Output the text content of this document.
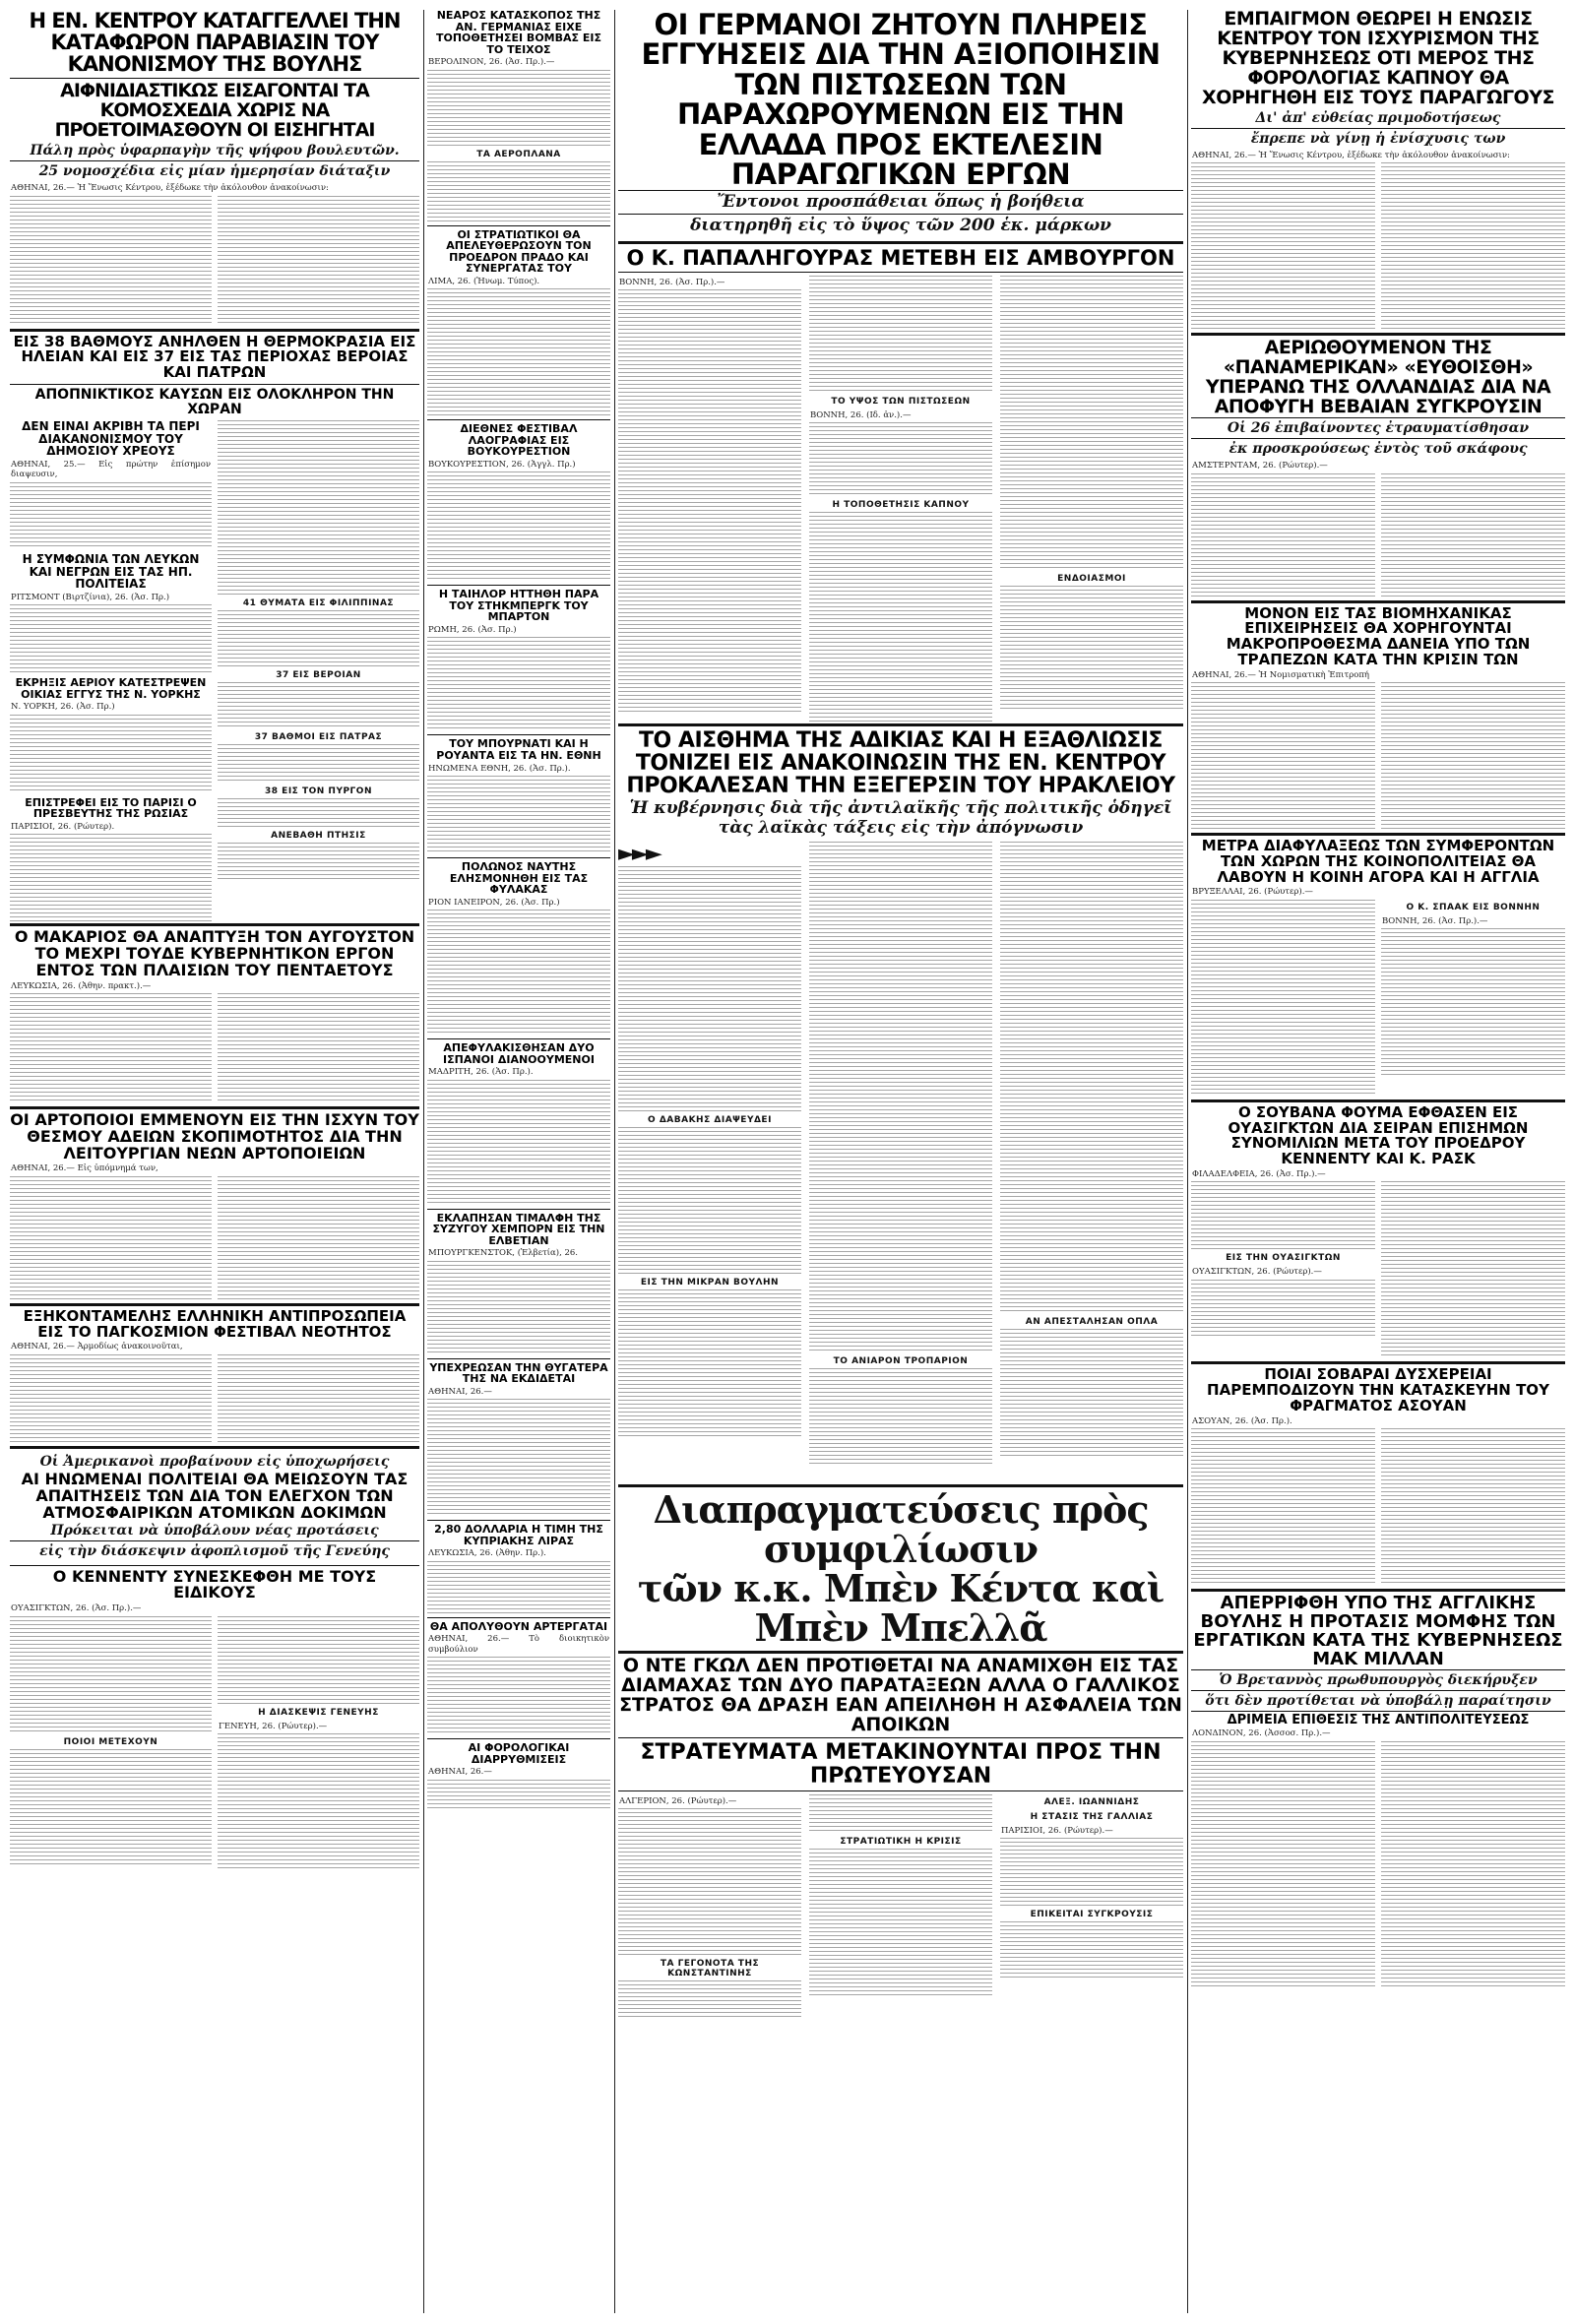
Η ΕΝ. ΚΕΝΤΡΟΥ ΚΑΤΑΓΓΕΛΛΕΙ ΤΗΝ ΚΑΤΑΦΩΡΟΝ ΠΑΡΑΒΙΑΣΙΝ ΤΟΥ ΚΑΝΟΝΙΣΜΟΥ ΤΗΣ ΒΟΥΛΗΣ
ΑΙΦΝΙΔΙΑΣΤΙΚΩΣ ΕΙΣΑΓΟΝΤΑΙ ΤΑ ΚΟΜΟΣΧΕΔΙΑ ΧΩΡΙΣ ΝΑ ΠΡΟΕΤΟΙΜΑΣΘΟΥΝ ΟΙ ΕΙΣΗΓΗΤΑΙ
Πάλη πρὸς ὑφαρπαγὴν τῆς ψήφου βουλευτῶν.
25 νομοσχέδια εἰς μίαν ἡμερησίαν διάταξιν
ΑΘΗΝΑΙ, 26.— Ἡ Ἕνωσις Κέντρου, ἐξέδωκε τὴν ἀκόλουθον ἀνακοίνωσιν:
ΕΙΣ 38 ΒΑΘΜΟΥΣ ΑΝΗΛΘΕΝ Η ΘΕΡΜΟΚΡΑΣΙΑ ΕΙΣ ΗΛΕΙΑΝ ΚΑΙ ΕΙΣ 37 ΕΙΣ ΤΑΣ ΠΕΡΙΟΧΑΣ ΒΕΡΟΙΑΣ ΚΑΙ ΠΑΤΡΩΝ
ΑΠΟΠΝΙΚΤΙΚΟΣ ΚΑΥΣΩΝ ΕΙΣ ΟΛΟΚΛΗΡΟΝ ΤΗΝ ΧΩΡΑΝ
ΔΕΝ ΕΙΝΑΙ ΑΚΡΙΒΗ ΤΑ ΠΕΡΙ ΔΙΑΚΑΝΟΝΙΣΜΟΥ ΤΟΥ ΔΗΜΟΣΙΟΥ ΧΡΕΟΥΣ
ΑΘΗΝΑΙ, 25.— Εἰς πρώτην ἐπίσημον διαψευσιν,
Η ΣΥΜΦΩΝΙΑ ΤΩΝ ΛΕΥΚΩΝ ΚΑΙ ΝΕΓΡΩΝ ΕΙΣ ΤΑΣ ΗΠ. ΠΟΛΙΤΕΙΑΣ
ΡΙΤΣΜΟΝΤ (Βιρτζίνια), 26. (Ἀσ. Πρ.)
ΕΚΡΗΞΙΣ ΑΕΡΙΟΥ ΚΑΤΕΣΤΡΕΨΕΝ ΟΙΚΙΑΣ ΕΓΓΥΣ ΤΗΣ Ν. ΥΟΡΚΗΣ
Ν. ΥΟΡΚΗ, 26. (Ἀσ. Πρ.)
ΕΠΙΣΤΡΕΦΕΙ ΕΙΣ ΤΟ ΠΑΡΙΣΙ Ο ΠΡΕΣΒΕΥΤΗΣ ΤΗΣ ΡΩΣΙΑΣ
ΠΑΡΙΣΙΟΙ, 26. (Ρώυτερ).
41 ΘΥΜΑΤΑ ΕΙΣ ΦΙΛΙΠΠΙΝΑΣ
37 ΕΙΣ ΒΕΡΟΙΑΝ
37 ΒΑΘΜΟΙ ΕΙΣ ΠΑΤΡΑΣ
38 ΕΙΣ ΤΟΝ ΠΥΡΓΟΝ
ΑΝΕΒΑΘΗ ΠΤΗΣΙΣ
Ο ΜΑΚΑΡΙΟΣ ΘΑ ΑΝΑΠΤΥΞΗ ΤΟΝ ΑΥΓΟΥΣΤΟΝ ΤΟ ΜΕΧΡΙ ΤΟΥΔΕ ΚΥΒΕΡΝΗΤΙΚΟΝ ΕΡΓΟΝ ΕΝΤΟΣ ΤΩΝ ΠΛΑΙΣΙΩΝ ΤΟΥ ΠΕΝΤΑΕΤΟΥΣ
ΛΕΥΚΩΣΙΑ, 26. (Ἀθην. πρακτ.).—
ΟΙ ΑΡΤΟΠΟΙΟΙ ΕΜΜΕΝΟΥΝ ΕΙΣ ΤΗΝ ΙΣΧΥΝ ΤΟΥ ΘΕΣΜΟΥ ΑΔΕΙΩΝ ΣΚΟΠΙΜΟΤΗΤΟΣ ΔΙΑ ΤΗΝ ΛΕΙΤΟΥΡΓΙΑΝ ΝΕΩΝ ΑΡΤΟΠΟΙΕΙΩΝ
ΑΘΗΝΑΙ, 26.— Εἰς ὑπόμνημά των,
ΕΞΗΚΟΝΤΑΜΕΛΗΣ ΕΛΛΗΝΙΚΗ ΑΝΤΙΠΡΟΣΩΠΕΙΑ ΕΙΣ ΤΟ ΠΑΓΚΟΣΜΙΟΝ ΦΕΣΤΙΒΑΛ ΝΕΟΤΗΤΟΣ
ΑΘΗΝΑΙ, 26.— Ἀρμοδίως ἀνακοινοῦται,
Οἱ Ἀμερικανοὶ προβαίνουν εἰς ὑποχωρήσεις
ΑΙ ΗΝΩΜΕΝΑΙ ΠΟΛΙΤΕΙΑΙ ΘΑ ΜΕΙΩΣΟΥΝ ΤΑΣ ΑΠΑΙΤΗΣΕΙΣ ΤΩΝ ΔΙΑ ΤΟΝ ΕΛΕΓΧΟΝ ΤΩΝ ΑΤΜΟΣΦΑΙΡΙΚΩΝ ΑΤΟΜΙΚΩΝ ΔΟΚΙΜΩΝ
Πρόκειται νὰ ὑποβάλουν νέας προτάσεις
εἰς τὴν διάσκεψιν ἀφοπλισμοῦ τῆς Γενεύης
Ο ΚΕΝΝΕΝΤΥ ΣΥΝΕΣΚΕΦΘΗ ΜΕ ΤΟΥΣ ΕΙΔΙΚΟΥΣ
ΟΥΑΣΙΓΚΤΩΝ, 26. (Ἀσ. Πρ.).—
ΠΟΙΟΙ ΜΕΤΕΧΟΥΝ
Η ΔΙΑΣΚΕΨΙΣ ΓΕΝΕΥΗΣ
ΓΕΝΕΥΗ, 26. (Ρώυτερ).—
ΝΕΑΡΟΣ ΚΑΤΑΣΚΟΠΟΣ ΤΗΣ ΑΝ. ΓΕΡΜΑΝΙΑΣ ΕΙΧΕ ΤΟΠΟΘΕΤΗΣΕΙ ΒΟΜΒΑΣ ΕΙΣ ΤΟ ΤΕΙΧΟΣ
ΒΕΡΟΛΙΝΟΝ, 26. (Ἀσ. Πρ.).—
ΤΑ ΑΕΡΟΠΛΑΝΑ
ΟΙ ΣΤΡΑΤΙΩΤΙΚΟΙ ΘΑ ΑΠΕΛΕΥΘΕΡΩΣΟΥΝ ΤΟΝ ΠΡΟΕΔΡΟΝ ΠΡΑΔΟ ΚΑΙ ΣΥΝΕΡΓΑΤΑΣ ΤΟΥ
ΛΙΜΑ, 26. (Ἠνωμ. Τύπος).
ΔΙΕΘΝΕΣ ΦΕΣΤΙΒΑΛ ΛΑΟΓΡΑΦΙΑΣ ΕΙΣ ΒΟΥΚΟΥΡΕΣΤΙΟΝ
ΒΟΥΚΟΥΡΕΣΤΙΟΝ, 26. (Ἀγγλ. Πρ.)
Η ΤΑΙΗΛΟΡ ΗΤΤΗΘΗ ΠΑΡΑ ΤΟΥ ΣΤΗΚΜΠΕΡΓΚ ΤΟΥ ΜΠΑΡΤΟΝ
ΡΩΜΗ, 26. (Ἀσ. Πρ.)
ΤΟΥ ΜΠΟΥΡΝΑΤΙ ΚΑΙ Η ΡΟΥΑΝΤΑ ΕΙΣ ΤΑ ΗΝ. ΕΘΝΗ
ΗΝΩΜΕΝΑ ΕΘΝΗ, 26. (Ἀσ. Πρ.).
ΠΟΛΩΝΟΣ ΝΑΥΤΗΣ ΕΛΗΣΜΟΝΗΘΗ ΕΙΣ ΤΑΣ ΦΥΛΑΚΑΣ
ΡΙΟΝ ΙΑΝΕΙΡΟΝ, 26. (Ἀσ. Πρ.)
ΑΠΕΦΥΛΑΚΙΣΘΗΣΑΝ ΔΥΟ ΙΣΠΑΝΟΙ ΔΙΑΝΟΟΥΜΕΝΟΙ
ΜΑΔΡΙΤΗ, 26. (Ἀσ. Πρ.).
ΕΚΛΑΠΗΣΑΝ ΤΙΜΑΛΦΗ ΤΗΣ ΣΥΖΥΓΟΥ ΧΕΜΠΟΡΝ ΕΙΣ ΤΗΝ ΕΛΒΕΤΙΑΝ
ΜΠΟΥΡΓΚΕΝΣΤΟΚ, (Ἐλβετία), 26.
ΥΠΕΧΡΕΩΣΑΝ ΤΗΝ ΘΥΓΑΤΕΡΑ ΤΗΣ ΝΑ ΕΚΔΙΔΕΤΑΙ
ΑΘΗΝΑΙ, 26.—
2,80 ΔΟΛΛΑΡΙΑ Η ΤΙΜΗ ΤΗΣ ΚΥΠΡΙΑΚΗΣ ΛΙΡΑΣ
ΛΕΥΚΩΣΙΑ, 26. (Ἀθην. Πρ.).
ΘΑ ΑΠΟΛΥΘΟΥΝ ΑΡΤΕΡΓΑΤΑΙ
ΑΘΗΝΑΙ, 26.— Τὸ διοικητικὸν συμβούλιον
ΑΙ ΦΟΡΟΛΟΓΙΚΑΙ ΔΙΑΡΡΥΘΜΙΣΕΙΣ
ΑΘΗΝΑΙ, 26.—
ΟΙ ΓΕΡΜΑΝΟΙ ΖΗΤΟΥΝ ΠΛΗΡΕΙΣ ΕΓΓΥΗΣΕΙΣ ΔΙΑ ΤΗΝ ΑΞΙΟΠΟΙΗΣΙΝ ΤΩΝ ΠΙΣΤΩΣΕΩΝ ΤΩΝ ΠΑΡΑΧΩΡΟΥΜΕΝΩΝ ΕΙΣ ΤΗΝ ΕΛΛΑΔΑ ΠΡΟΣ ΕΚΤΕΛΕΣΙΝ ΠΑΡΑΓΩΓΙΚΩΝ ΕΡΓΩΝ
Ἔντονοι προσπάθειαι ὅπως ἡ βοήθεια
διατηρηθῆ εἰς τὸ ὕψος τῶν 200 ἑκ. μάρκων
Ο Κ. ΠΑΠΑΛΗΓΟΥΡΑΣ ΜΕΤΕΒΗ ΕΙΣ ΑΜΒΟΥΡΓΟΝ
ΒΟΝΝΗ, 26. (Ἀσ. Πρ.).—
ΤΟ ΥΨΟΣ ΤΩΝ ΠΙΣΤΩΣΕΩΝ
ΒΟΝΝΗ, 26. (Ιδ. ἀν.).—
Η ΤΟΠΟΘΕΤΗΣΙΣ ΚΑΠΝΟΥ
ΕΝΔΟΙΑΣΜΟΙ
ΤΟ ΑΙΣΘΗΜΑ ΤΗΣ ΑΔΙΚΙΑΣ ΚΑΙ Η ΕΞΑΘΛΙΩΣΙΣ ΤΟΝΙΖΕΙ ΕΙΣ ΑΝΑΚΟΙΝΩΣΙΝ ΤΗΣ ΕΝ. ΚΕΝΤΡΟΥ ΠΡΟΚΑΛΕΣΑΝ ΤΗΝ ΕΞΕΓΕΡΣΙΝ ΤΟΥ ΗΡΑΚΛΕΙΟΥ
Ἡ κυβέρνησις διὰ τῆς ἀντιλαϊκῆς τῆς πολιτικῆς ὁδηγεῖ τὰς λαϊκὰς τάξεις εἰς τὴν ἀπόγνωσιν
►►►
Ο ΔΑΒΑΚΗΣ ΔΙΑΨΕΥΔΕΙ
ΕΙΣ ΤΗΝ ΜΙΚΡΑΝ ΒΟΥΛΗΝ
ΤΟ ΑΝΙΑΡΟΝ ΤΡΟΠΑΡΙΟΝ
ΑΝ ΑΠΕΣΤΑΛΗΣΑΝ ΟΠΛΑ
Διαπραγματεύσεις πρὸς συμφιλίωσιν
τῶν κ.κ. Μπὲν Κέντα καὶ Μπὲν Μπελλᾶ
Ο ΝΤΕ ΓΚΩΛ ΔΕΝ ΠΡΟΤΙΘΕΤΑΙ ΝΑ ΑΝΑΜΙΧΘΗ ΕΙΣ ΤΑΣ ΔΙΑΜΑΧΑΣ ΤΩΝ ΔΥΟ ΠΑΡΑΤΑΞΕΩΝ ΑΛΛΑ Ο ΓΑΛΛΙΚΟΣ ΣΤΡΑΤΟΣ ΘΑ ΔΡΑΣΗ ΕΑΝ ΑΠΕΙΛΗΘΗ Η ΑΣΦΑΛΕΙΑ ΤΩΝ ΑΠΟΙΚΩΝ
ΣΤΡΑΤΕΥΜΑΤΑ ΜΕΤΑΚΙΝΟΥΝΤΑΙ ΠΡΟΣ ΤΗΝ ΠΡΩΤΕΥΟΥΣΑΝ
ΑΛΓΕΡΙΟΝ, 26. (Ρώυτερ).—
ΤΑ ΓΕΓΟΝΟΤΑ ΤΗΣ ΚΩΝΣΤΑΝΤΙΝΗΣ
ΣΤΡΑΤΙΩΤΙΚΗ Η ΚΡΙΣΙΣ
ΑΛΕΞ. ΙΩΑΝΝΙΔΗΣ
Η ΣΤΑΣΙΣ ΤΗΣ ΓΑΛΛΙΑΣ
ΠΑΡΙΣΙΟΙ, 26. (Ρώυτερ).—
ΕΠΙΚΕΙΤΑΙ ΣΥΓΚΡΟΥΣΙΣ
ΕΜΠΑΙΓΜΟΝ ΘΕΩΡΕΙ Η ΕΝΩΣΙΣ ΚΕΝΤΡΟΥ ΤΟΝ ΙΣΧΥΡΙΣΜΟΝ ΤΗΣ ΚΥΒΕΡΝΗΣΕΩΣ ΟΤΙ ΜΕΡΟΣ ΤΗΣ ΦΟΡΟΛΟΓΙΑΣ ΚΑΠΝΟΥ ΘΑ ΧΟΡΗΓΗΘΗ ΕΙΣ ΤΟΥΣ ΠΑΡΑΓΩΓΟΥΣ
Δι' ἀπ' εὐθείας πριμοδοτήσεως
ἔπρεπε νὰ γίνῃ ἡ ἐνίσχυσις των
ΑΘΗΝΑΙ, 26.— Ἡ Ἕνωσις Κέντρου, ἐξέδωκε τὴν ἀκόλουθον ἀνακοίνωσιν:
ΑΕΡΙΩΘΟΥΜΕΝΟΝ ΤΗΣ «ΠΑΝΑΜΕΡΙΚΑΝ» «ΕΥΘΟΙΣΘΗ» ΥΠΕΡΑΝΩ ΤΗΣ ΟΛΛΑΝΔΙΑΣ ΔΙΑ ΝΑ ΑΠΟΦΥΓΗ ΒΕΒΑΙΑΝ ΣΥΓΚΡΟΥΣΙΝ
Οἱ 26 ἐπιβαίνοντες ἐτραυματίσθησαν
ἐκ προσκρούσεως ἐντὸς τοῦ σκάφους
ΑΜΣΤΕΡΝΤΑΜ, 26. (Ρώυτερ).—
ΜΟΝΟΝ ΕΙΣ ΤΑΣ ΒΙΟΜΗΧΑΝΙΚΑΣ ΕΠΙΧΕΙΡΗΣΕΙΣ ΘΑ ΧΟΡΗΓΟΥΝΤΑΙ ΜΑΚΡΟΠΡΟΘΕΣΜΑ ΔΑΝΕΙΑ ΥΠΟ ΤΩΝ ΤΡΑΠΕΖΩΝ ΚΑΤΑ ΤΗΝ ΚΡΙΣΙΝ ΤΩΝ
ΑΘΗΝΑΙ, 26.— Ἡ Νομισματικὴ Ἐπιτροπή
ΜΕΤΡΑ ΔΙΑΦΥΛΑΞΕΩΣ ΤΩΝ ΣΥΜΦΕΡΟΝΤΩΝ ΤΩΝ ΧΩΡΩΝ ΤΗΣ ΚΟΙΝΟΠΟΛΙΤΕΙΑΣ ΘΑ ΛΑΒΟΥΝ Η ΚΟΙΝΗ ΑΓΟΡΑ ΚΑΙ Η ΑΓΓΛΙΑ
ΒΡΥΞΕΛΛΑΙ, 26. (Ρώυτερ).—
Ο Κ. ΣΠΑΑΚ ΕΙΣ ΒΟΝΝΗΝ
ΒΟΝΝΗ, 26. (Ἀσ. Πρ.).—
Ο ΣΟΥΒΑΝΑ ΦΟΥΜΑ ΕΦΘΑΣΕΝ ΕΙΣ ΟΥΑΣΙΓΚΤΩΝ ΔΙΑ ΣΕΙΡΑΝ ΕΠΙΣΗΜΩΝ ΣΥΝΟΜΙΛΙΩΝ ΜΕΤΑ ΤΟΥ ΠΡΟΕΔΡΟΥ ΚΕΝΝΕΝΤΥ ΚΑΙ Κ. ΡΑΣΚ
ΦΙΛΑΔΕΛΦΕΙΑ, 26. (Ἀσ. Πρ.).—
ΕΙΣ ΤΗΝ ΟΥΑΣΙΓΚΤΩΝ
ΟΥΑΣΙΓΚΤΩΝ, 26. (Ρώυτερ).—
ΠΟΙΑΙ ΣΟΒΑΡΑΙ ΔΥΣΧΕΡΕΙΑΙ ΠΑΡΕΜΠΟΔΙΖΟΥΝ ΤΗΝ ΚΑΤΑΣΚΕΥΗΝ ΤΟΥ ΦΡΑΓΜΑΤΟΣ ΑΣΟΥΑΝ
ΑΣΟΥΑΝ, 26. (Ἀσ. Πρ.).
ΑΠΕΡΡΙΦΘΗ ΥΠΟ ΤΗΣ ΑΓΓΛΙΚΗΣ ΒΟΥΛΗΣ Η ΠΡΟΤΑΣΙΣ ΜΟΜΦΗΣ ΤΩΝ ΕΡΓΑΤΙΚΩΝ ΚΑΤΑ ΤΗΣ ΚΥΒΕΡΝΗΣΕΩΣ ΜΑΚ ΜΙΛΛΑΝ
Ὁ Βρεταννὸς πρωθυπουργὸς διεκήρυξεν
ὅτι δὲν προτίθεται νὰ ὑποβάλῃ παραίτησιν
ΔΡΙΜΕΙΑ ΕΠΙΘΕΣΙΣ ΤΗΣ ΑΝΤΙΠΟΛΙΤΕΥΣΕΩΣ
ΛΟΝΔΙΝΟΝ, 26. (Ἀσσοσ. Πρ.).—
